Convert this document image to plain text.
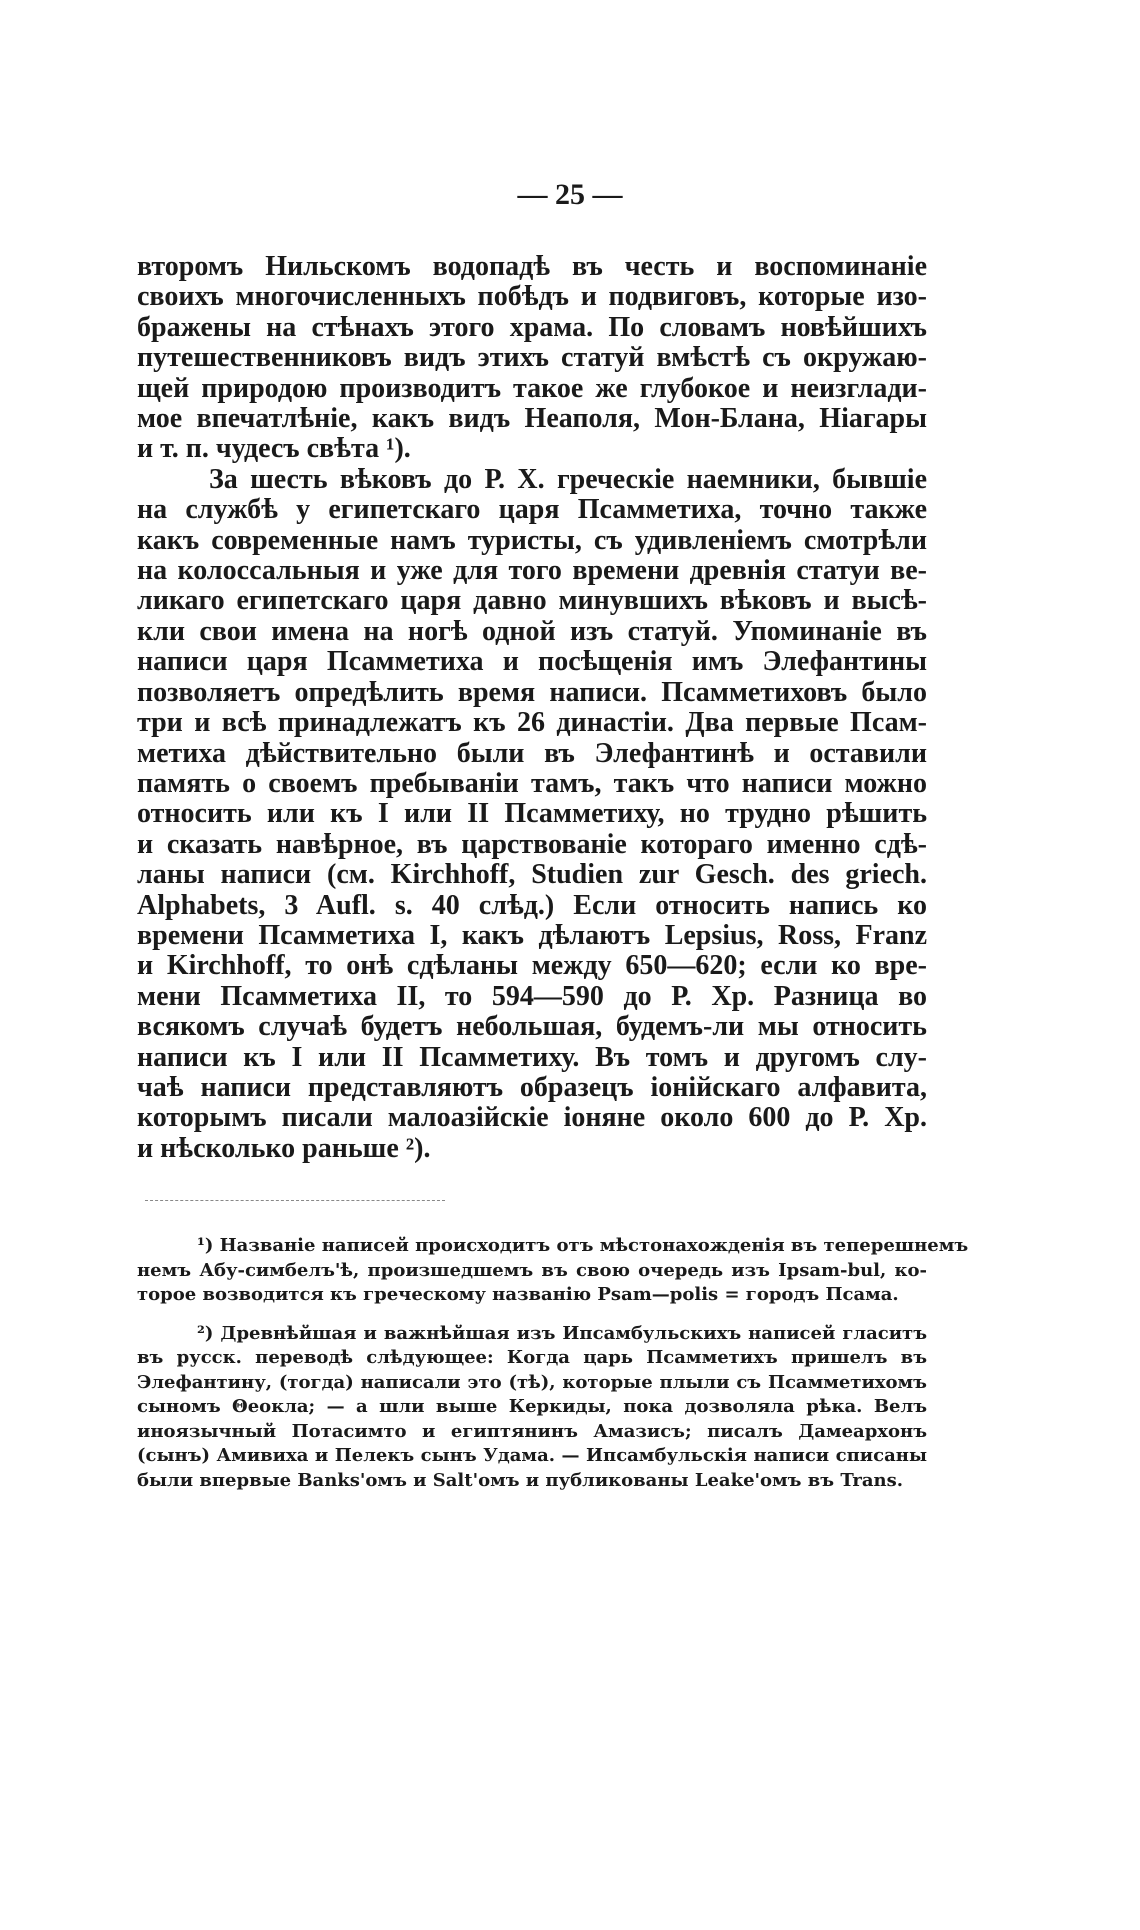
— 25 —
второмъ Нильскомъ водопадѣ въ честь и воспоминаніе
своихъ многочисленныхъ побѣдъ и подвиговъ, которые изо-
бражены на стѣнахъ этого храма. По словамъ новѣйшихъ
путешественниковъ видъ этихъ статуй вмѣстѣ съ окружаю-
щей природою производитъ такое же глубокое и неизглади-
мое впечатлѣніе, какъ видъ Неаполя, Мон-Блана, Ніагары
и т. п. чудесъ свѣта ¹).
За шесть вѣковъ до Р. Х. греческіе наемники, бывшіе
на службѣ у египетскаго царя Псамметиха, точно также
какъ современные намъ туристы, съ удивленіемъ смотрѣли
на колоссальныя и уже для того времени древнія статуи ве-
ликаго египетскаго царя давно минувшихъ вѣковъ и высѣ-
кли свои имена на ногѣ одной изъ статуй. Упоминаніе въ
написи царя Псамметиха и посѣщенія имъ Элефантины
позволяетъ опредѣлить время написи. Псамметиховъ было
три и всѣ принадлежатъ къ 26 династіи. Два первые Псам-
метиха дѣйствительно были въ Элефантинѣ и оставили
память о своемъ пребываніи тамъ, такъ что написи можно
относить или къ I или II Псамметиху, но трудно рѣшить
и сказать навѣрное, въ царствованіе котораго именно сдѣ-
ланы написи (см. Kirchhoff, Studien zur Gesch. des griech.
Alphabets, 3 Aufl. s. 40 слѣд.) Если относить напись ко
времени Псамметиха I, какъ дѣлаютъ Lepsius, Ross, Franz
и Kirchhoff, то онѣ сдѣланы между 650—620; если ко вре-
мени Псамметиха II, то 594—590 до Р. Хр. Разница во
всякомъ случаѣ будетъ небольшая, будемъ-ли мы относить
написи къ I или II Псамметиху. Въ томъ и другомъ слу-
чаѣ написи представляютъ образецъ іонійскаго алфавита,
которымъ писали малоазійскіе іоняне около 600 до Р. Хр.
и нѣсколько раньше ²).
¹) Названіе написей происходитъ отъ мѣстонахожденія въ теперешнемъ
немъ Абу-симбелъ'ѣ, произшедшемъ въ свою очередь изъ Ipsam-bul, ко-
торое возводится къ греческому названію Psam—polis = городъ Псама.
²) Древнѣйшая и важнѣйшая изъ Ипсамбульскихъ написей гласитъ
въ русск. переводѣ слѣдующее: Когда царь Псамметихъ пришелъ въ
Элефантину, (тогда) написали это (тѣ), которые плыли съ Псамметихомъ
сыномъ Θеокла; — а шли выше Керкиды, пока дозволяла рѣка. Велъ
иноязычный Потасимто и египтянинъ Амазисъ; писалъ Дамеархонъ
(сынъ) Амивиха и Пелекъ сынъ Удама. — Ипсамбульскія написи списаны
были впервые Banks'омъ и Salt'омъ и публикованы Leake'омъ въ Trans.
